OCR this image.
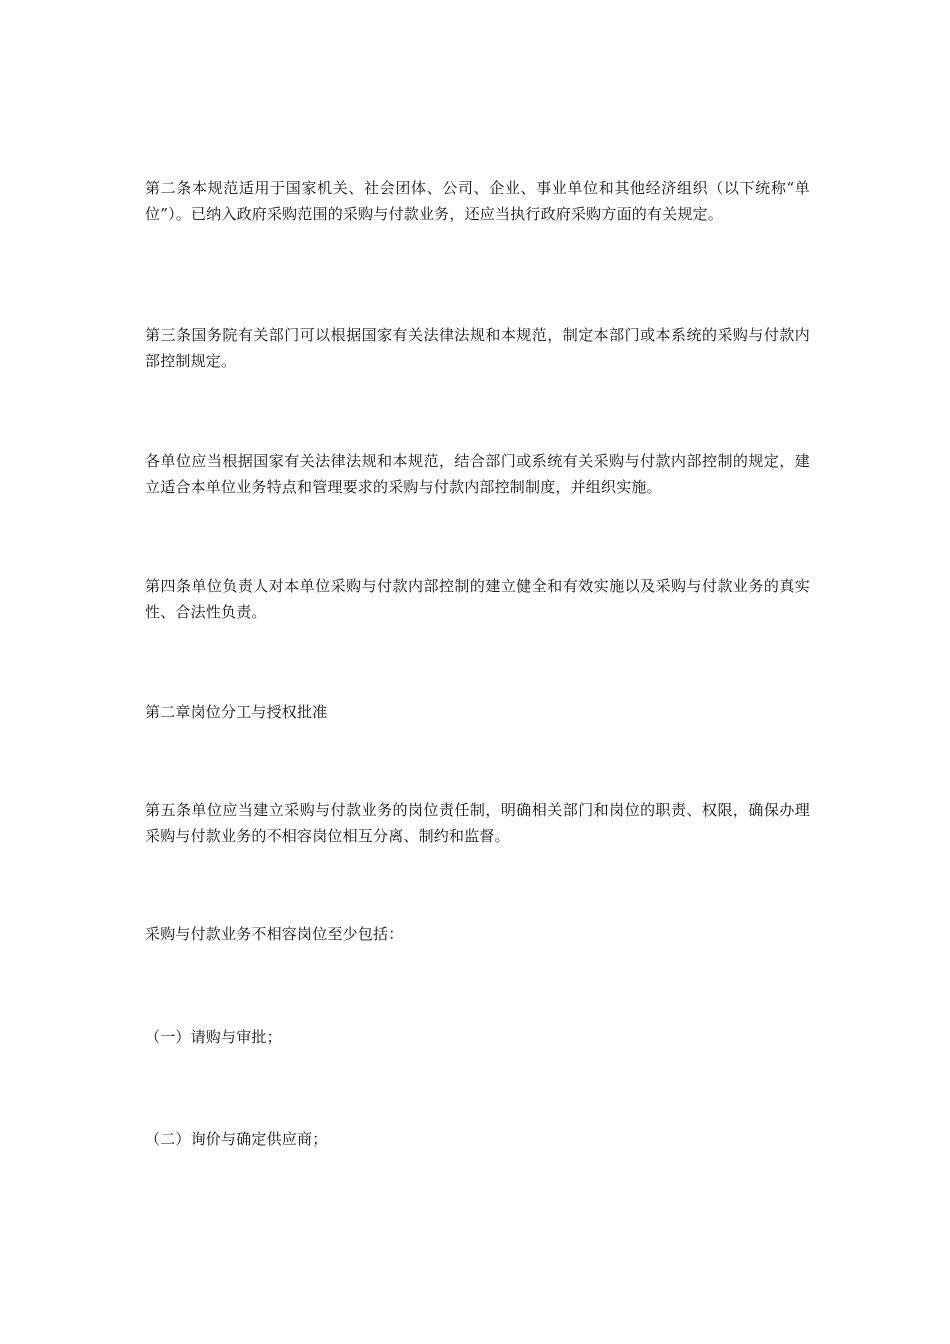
第二条本规范适用于国家机关、社会团体、公司、企业、事业单位和其他经济组织（以下统称“单位”）。已纳入政府采购范围的采购与付款业务，还应当执行政府采购方面的有关规定。

第三条国务院有关部门可以根据国家有关法律法规和本规范，制定本部门或本系统的采购与付款内部控制规定。

各单位应当根据国家有关法律法规和本规范，结合部门或系统有关采购与付款内部控制的规定，建立适合本单位业务特点和管理要求的采购与付款内部控制制度，并组织实施。

第四条单位负责人对本单位采购与付款内部控制的建立健全和有效实施以及采购与付款业务的真实性、合法性负责。

第二章岗位分工与授权批准

第五条单位应当建立采购与付款业务的岗位责任制，明确相关部门和岗位的职责、权限，确保办理采购与付款业务的不相容岗位相互分离、制约和监督。

采购与付款业务不相容岗位至少包括：

（一）请购与审批；

（二）询价与确定供应商；
